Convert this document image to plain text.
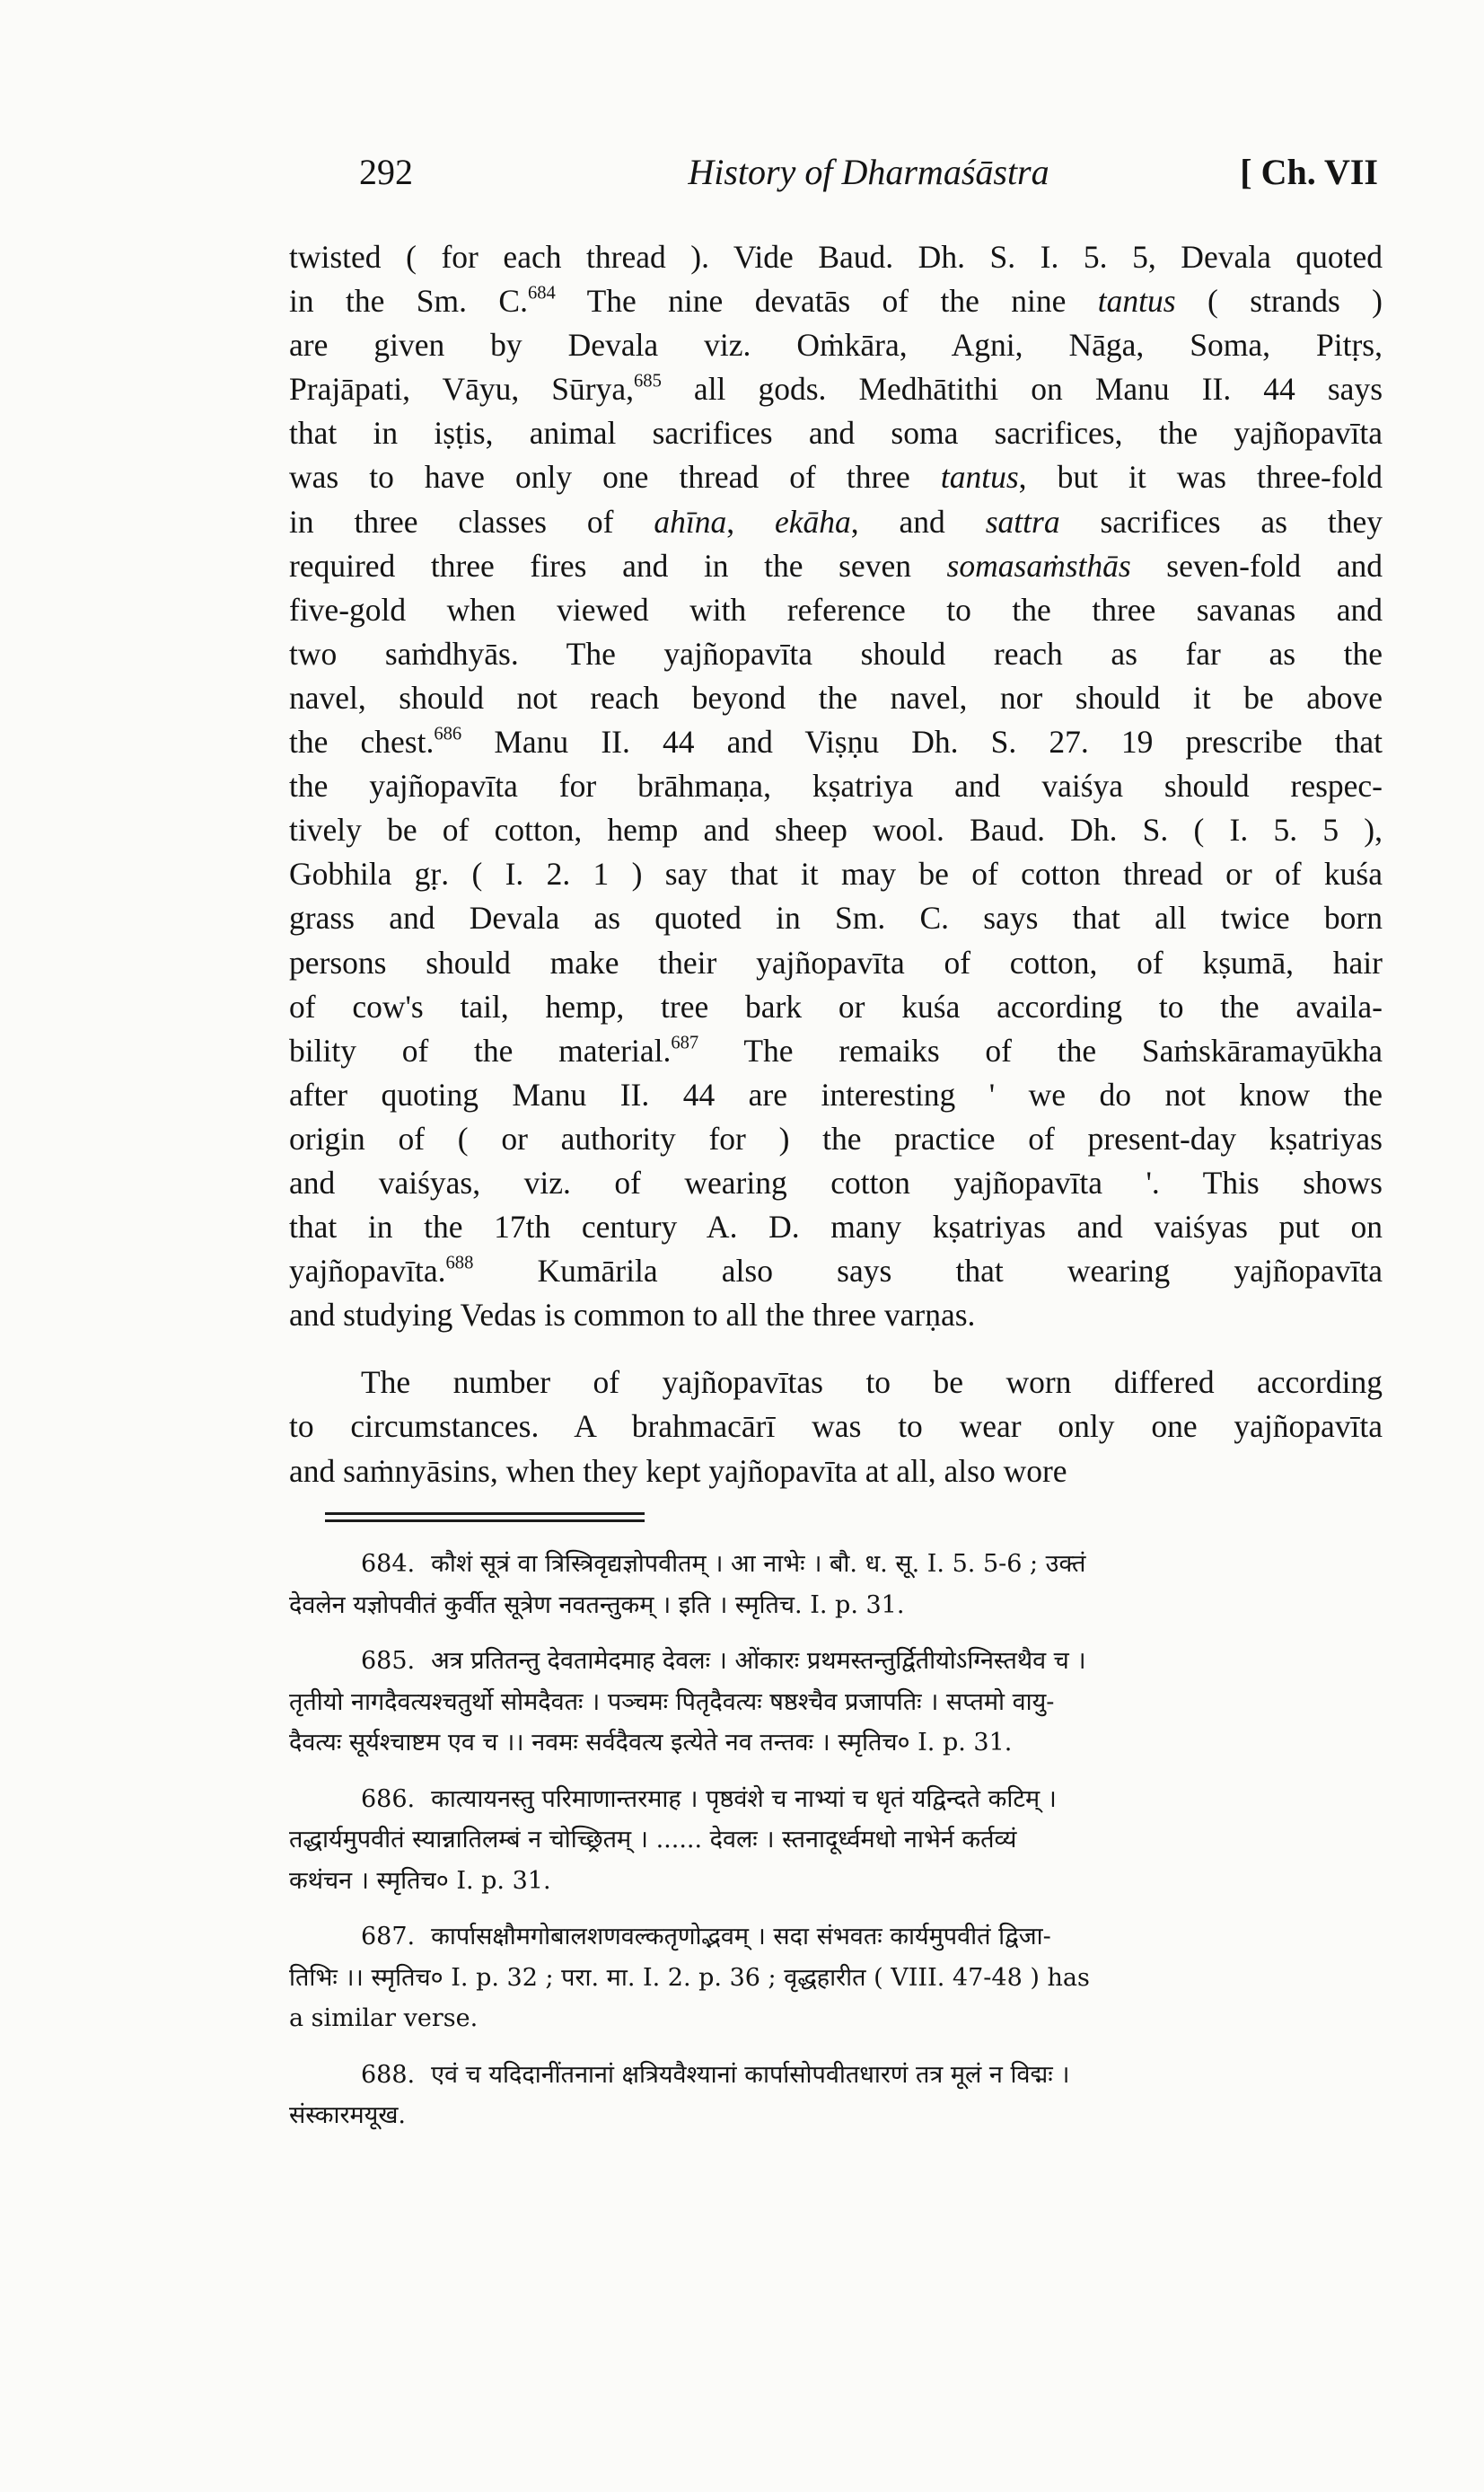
292	History of Dharmaśāstra	[ Ch. VII
twisted ( for each thread ). Vide Baud. Dh. S. I. 5. 5, Devala quoted
in the Sm. C.$^{684}$ The nine devatās of the nine tantus ( strands )
are given by Devala viz. Oṁkāra, Agni, Nāga, Soma, Pitṛs,
Prajāpati, Vāyu, Sūrya,$^{685}$ all gods. Medhātithi on Manu II. 44 says
that in iṣṭis, animal sacrifices and soma sacrifices, the yajñopavīta
was to have only one thread of three tantus, but it was three-fold
in three classes of ahīna, ekāha, and sattra sacrifices as they
required three fires and in the seven somasaṁsthās seven-fold and
five-gold when viewed with reference to the three savanas and
two saṁdhyās. The yajñopavīta should reach as far as the
navel, should not reach beyond the navel, nor should it be above
the chest.$^{686}$ Manu II. 44 and Viṣṇu Dh. S. 27. 19 prescribe that
the yajñopavīta for brāhmaṇa, kṣatriya and vaiśya should respec-
tively be of cotton, hemp and sheep wool. Baud. Dh. S. ( I. 5. 5 ),
Gobhila gṛ. ( I. 2. 1 ) say that it may be of cotton thread or of kuśa
grass and Devala as quoted in Sm. C. says that all twice born
persons should make their yajñopavīta of cotton, of kṣumā, hair
of cow's tail, hemp, tree bark or kuśa according to the availa-
bility of the material.$^{687}$ The remaiks of the Saṁskāramayūkha
after quoting Manu II. 44 are interesting ' we do not know the
origin of ( or authority for ) the practice of present-day kṣatriyas
and vaiśyas, viz. of wearing cotton yajñopavīta '. This shows
that in the 17th century A. D. many kṣatriyas and vaiśyas put on
yajñopavīta.$^{688}$ Kumārila also says that wearing yajñopavīta
and studying Vedas is common to all the three varṇas.
The number of yajñopavītas to be worn differed according
to circumstances. A brahmacārī was to wear only one yajñopavīta
and saṁnyāsins, when they kept yajñopavīta at all, also wore
684. कौशं सूत्रं वा त्रिस्त्रिवृद्यज्ञोपवीतम् । आ नाभेः । बौ. ध. सू. I. 5. 5-6 ; उक्तं
देवलेन यज्ञोपवीतं कुर्वीत सूत्रेण नवतन्तुकम् । इति । स्मृतिच. I. p. 31.
685. अत्र प्रतितन्तु देवतामेदमाह देवलः । ओंकारः प्रथमस्तन्तुर्द्वितीयोऽग्निस्तथैव च ।
तृतीयो नागदैवत्यश्चतुर्थो सोमदैवतः । पञ्चमः पितृदैवत्यः षष्ठश्चैव प्रजापतिः । सप्तमो वायु-
दैवत्यः सूर्यश्चाष्टम एव च ।। नवमः सर्वदैवत्य इत्येते नव तन्तवः । स्मृतिच० I. p. 31.
686. कात्यायनस्तु परिमाणान्तरमाह । पृष्ठवंशे च नाभ्यां च धृतं यद्विन्दते कटिम् ।
तद्धार्यमुपवीतं स्यान्नातिलम्बं न चोच्छ्रितम् । ...... देवलः । स्तनादूर्ध्वमधो नाभेर्न कर्तव्यं
कथंचन । स्मृतिच० I. p. 31.
687. कार्पासक्षौमगोबालशणवल्कतृणोद्भवम् । सदा संभवतः कार्यमुपवीतं द्विजा-
तिभिः ।। स्मृतिच० I. p. 32 ; परा. मा. I. 2. p. 36 ; वृद्धहारीत ( VIII. 47-48 ) has
a similar verse.
688. एवं च यदिदानींतनानां क्षत्रियवैश्यानां कार्पासोपवीतधारणं तत्र मूलं न विद्मः ।
संस्कारमयूख.
